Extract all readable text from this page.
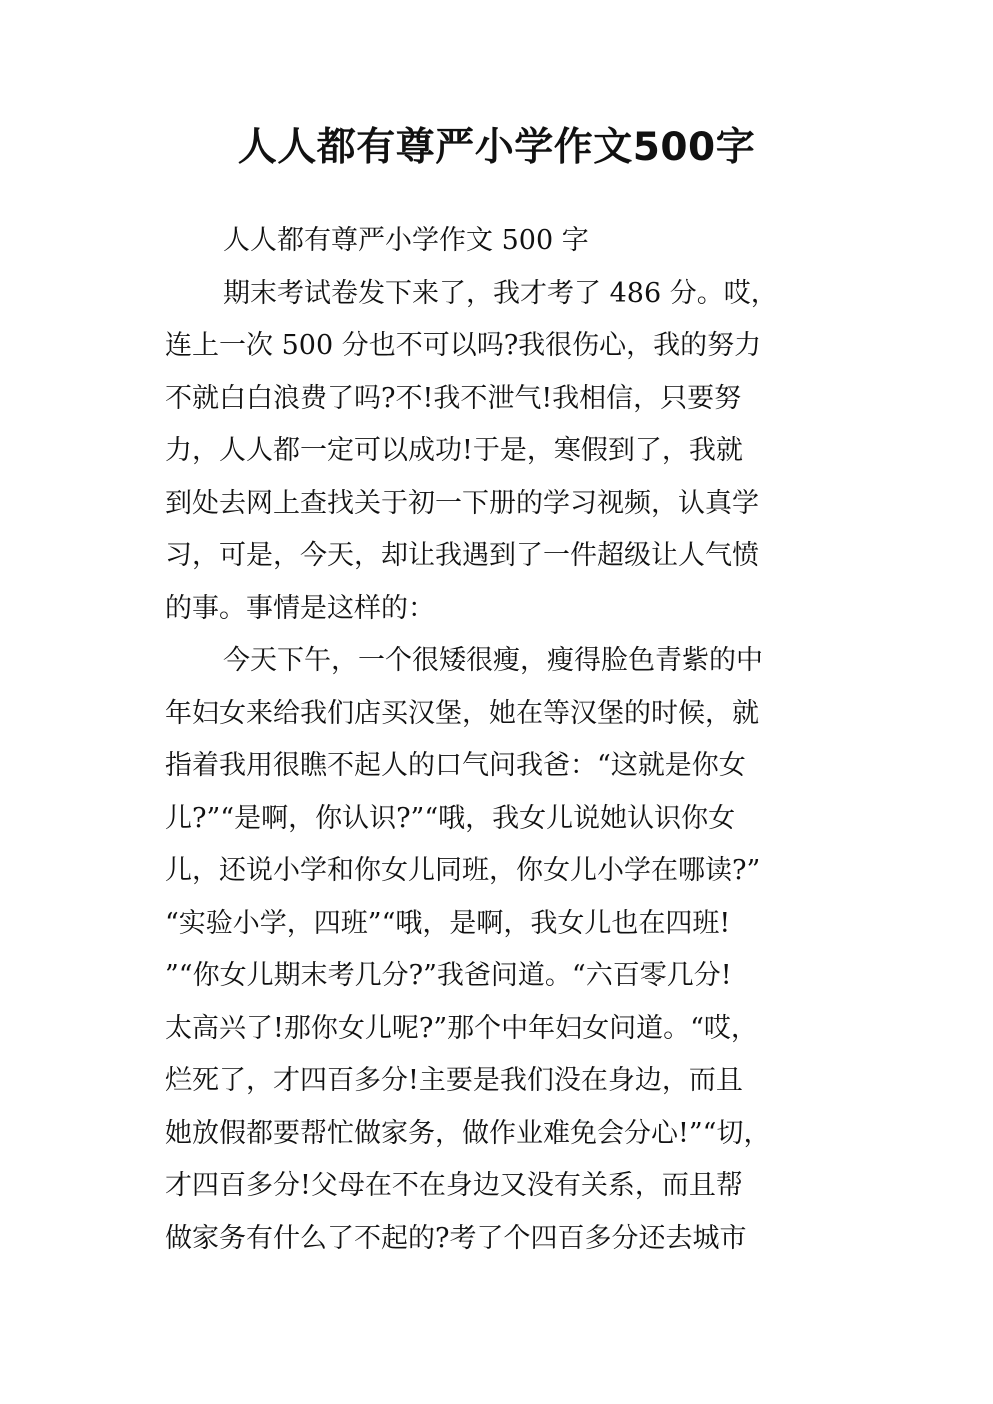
人人都有尊严小学作文500字
人人都有尊严小学作文 500 字
期末考试卷发下来了，我才考了 486 分。哎，
连上一次 500 分也不可以吗?我很伤心，我的努力
不就白白浪费了吗?不!我不泄气!我相信，只要努
力，人人都一定可以成功!于是，寒假到了，我就
到处去网上查找关于初一下册的学习视频，认真学
习，可是，今天，却让我遇到了一件超级让人气愤
的事。事情是这样的：
今天下午，一个很矮很瘦，瘦得脸色青紫的中
年妇女来给我们店买汉堡，她在等汉堡的时候，就
指着我用很瞧不起人的口气问我爸：“这就是你女
儿?”“是啊，你认识?”“哦，我女儿说她认识你女
儿，还说小学和你女儿同班，你女儿小学在哪读?”
“实验小学，四班”“哦，是啊，我女儿也在四班!
”“你女儿期末考几分?”我爸问道。“六百零几分!
太高兴了!那你女儿呢?”那个中年妇女问道。“哎，
烂死了，才四百多分!主要是我们没在身边，而且
她放假都要帮忙做家务，做作业难免会分心!”“切，
才四百多分!父母在不在身边又没有关系，而且帮
做家务有什么了不起的?考了个四百多分还去城市
